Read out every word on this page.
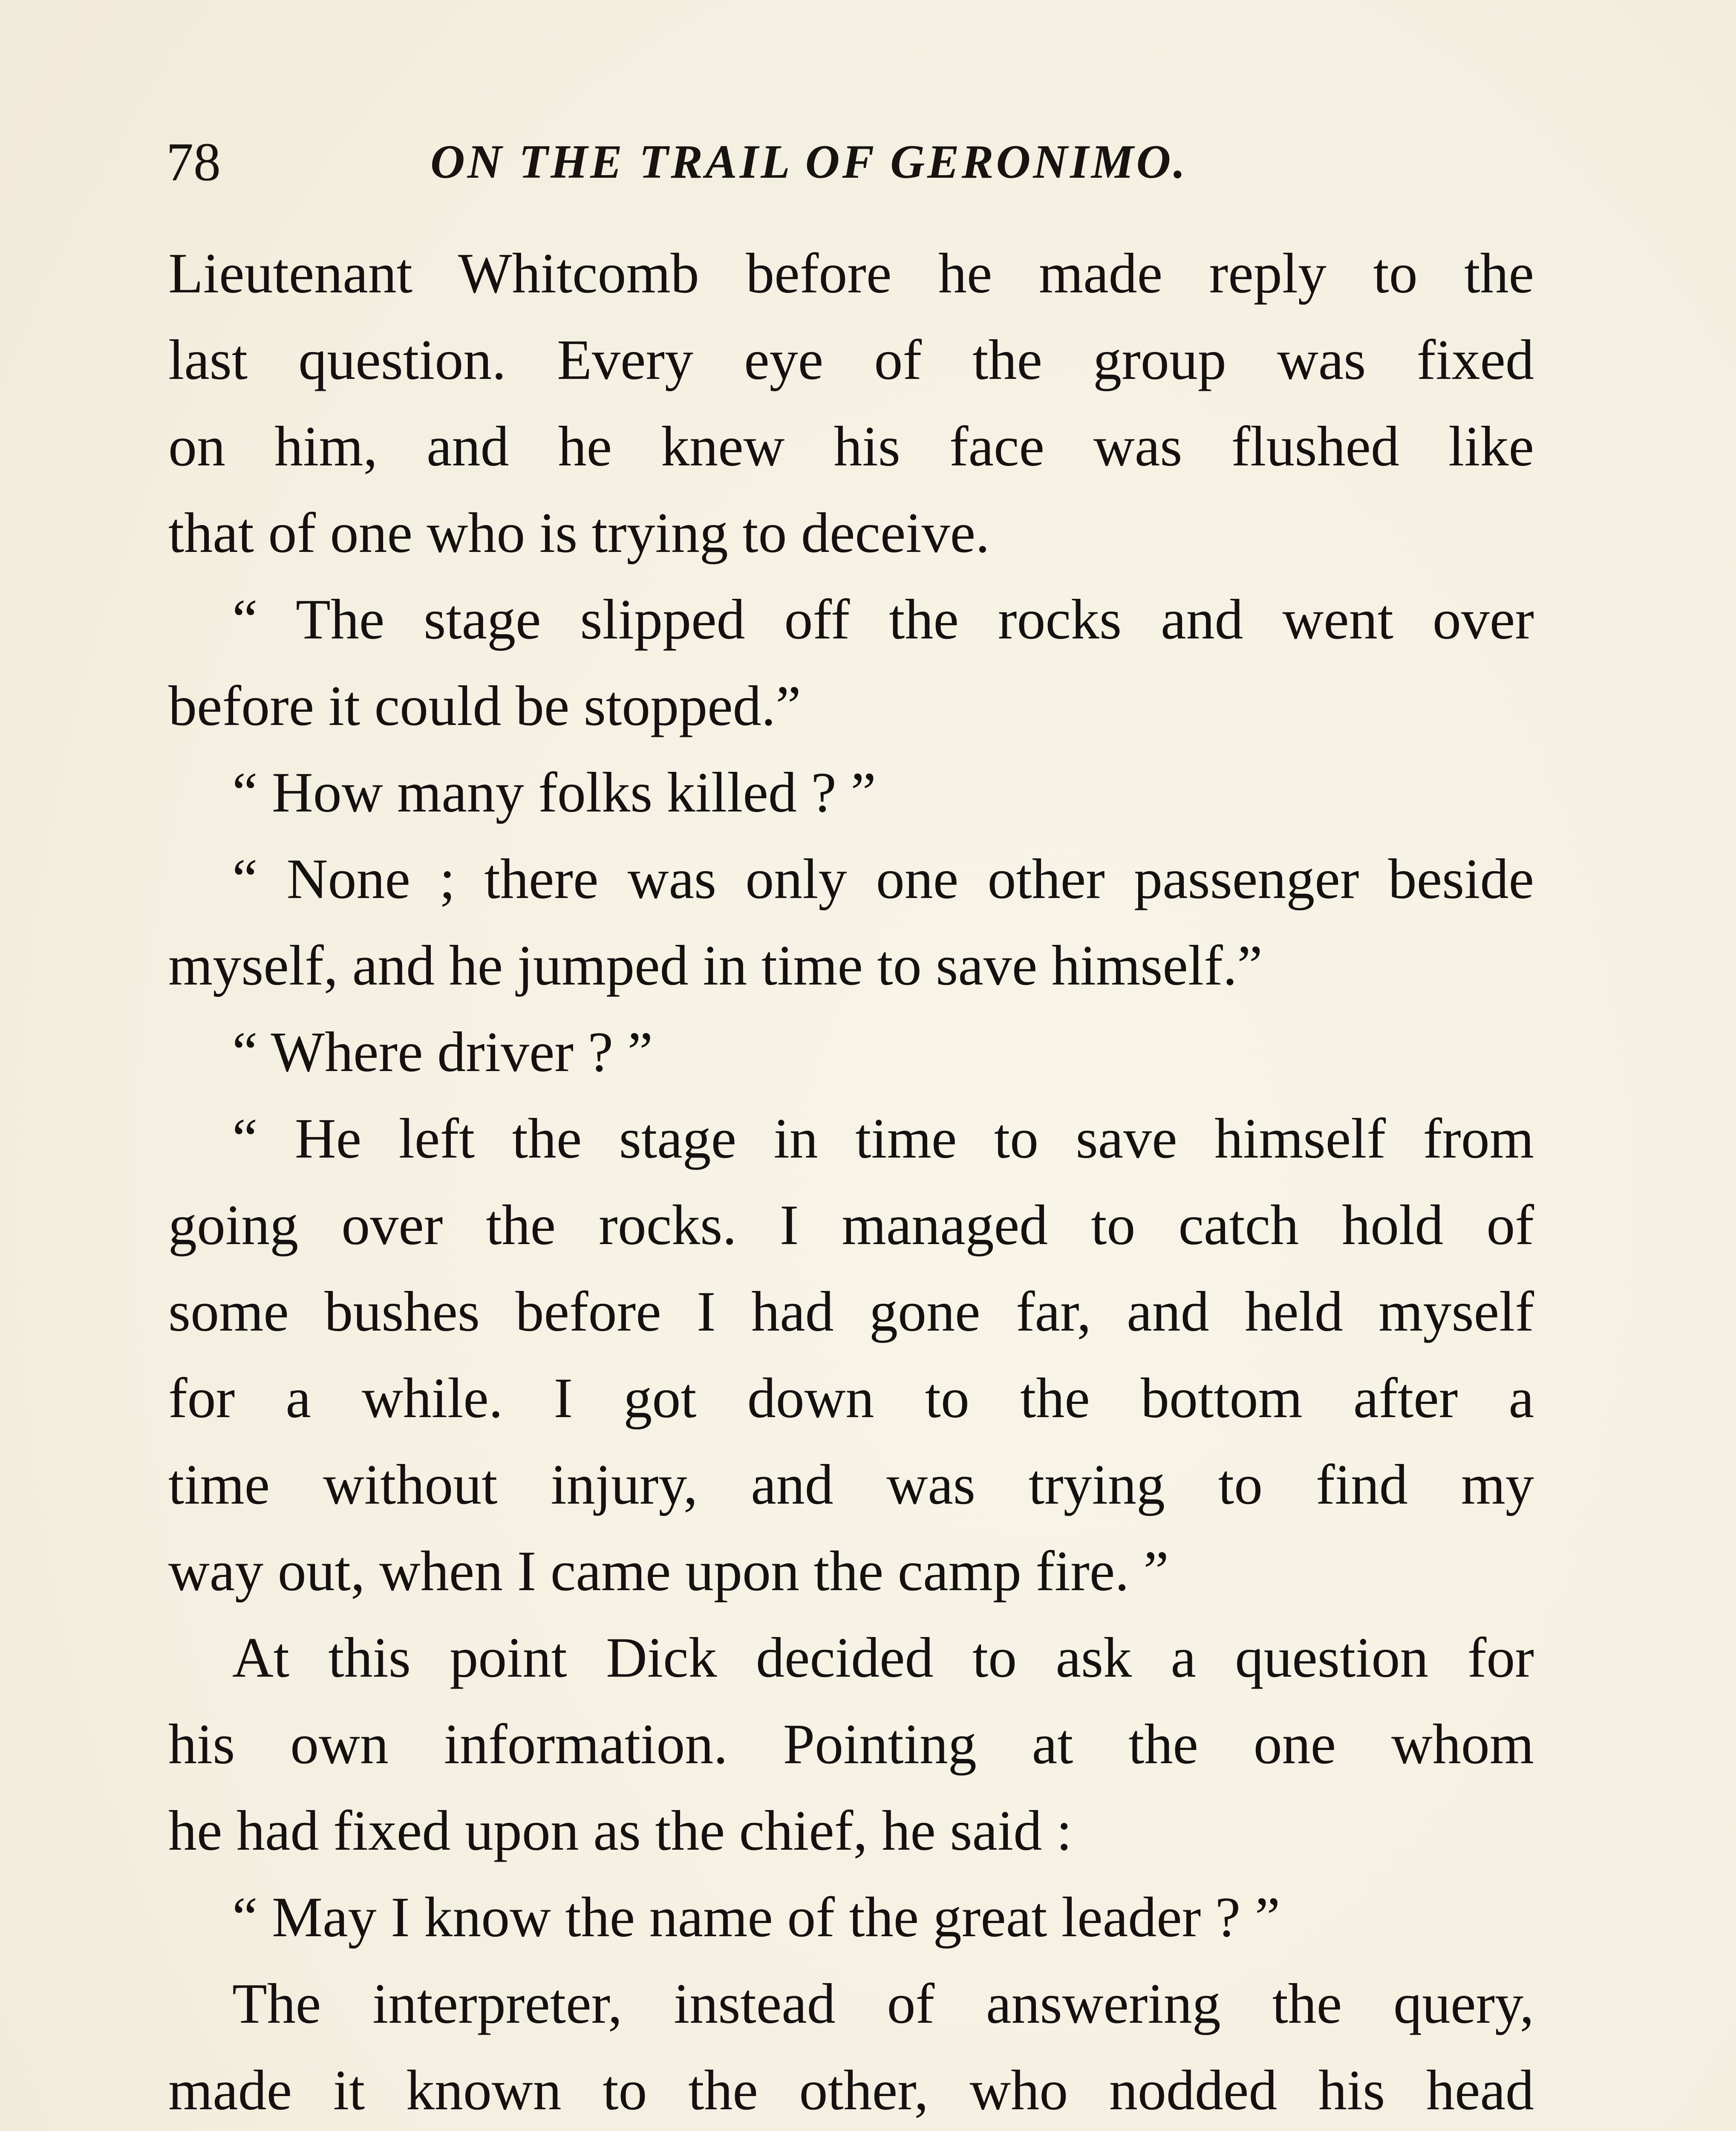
78	ON THE TRAIL OF GERONIMO.
Lieutenant Whitcomb before he made reply to the
last question. Every eye of the group was fixed
on him, and he knew his face was flushed like
that of one who is trying to deceive.
“ The stage slipped off the rocks and went over
before it could be stopped.”
“ How many folks killed ? ”
“ None ; there was only one other passenger beside
myself, and he jumped in time to save himself.”
“ Where driver ? ”
“ He left the stage in time to save himself from
going over the rocks. I managed to catch hold of
some bushes before I had gone far, and held myself
for a while. I got down to the bottom after a
time without injury, and was trying to find my
way out, when I came upon the camp fire. ”
At this point Dick decided to ask a question for
his own information. Pointing at the one whom
he had fixed upon as the chief, he said :
“ May I know the name of the great leader ? ”
The interpreter, instead of answering the query,
made it known to the other, who nodded his head
